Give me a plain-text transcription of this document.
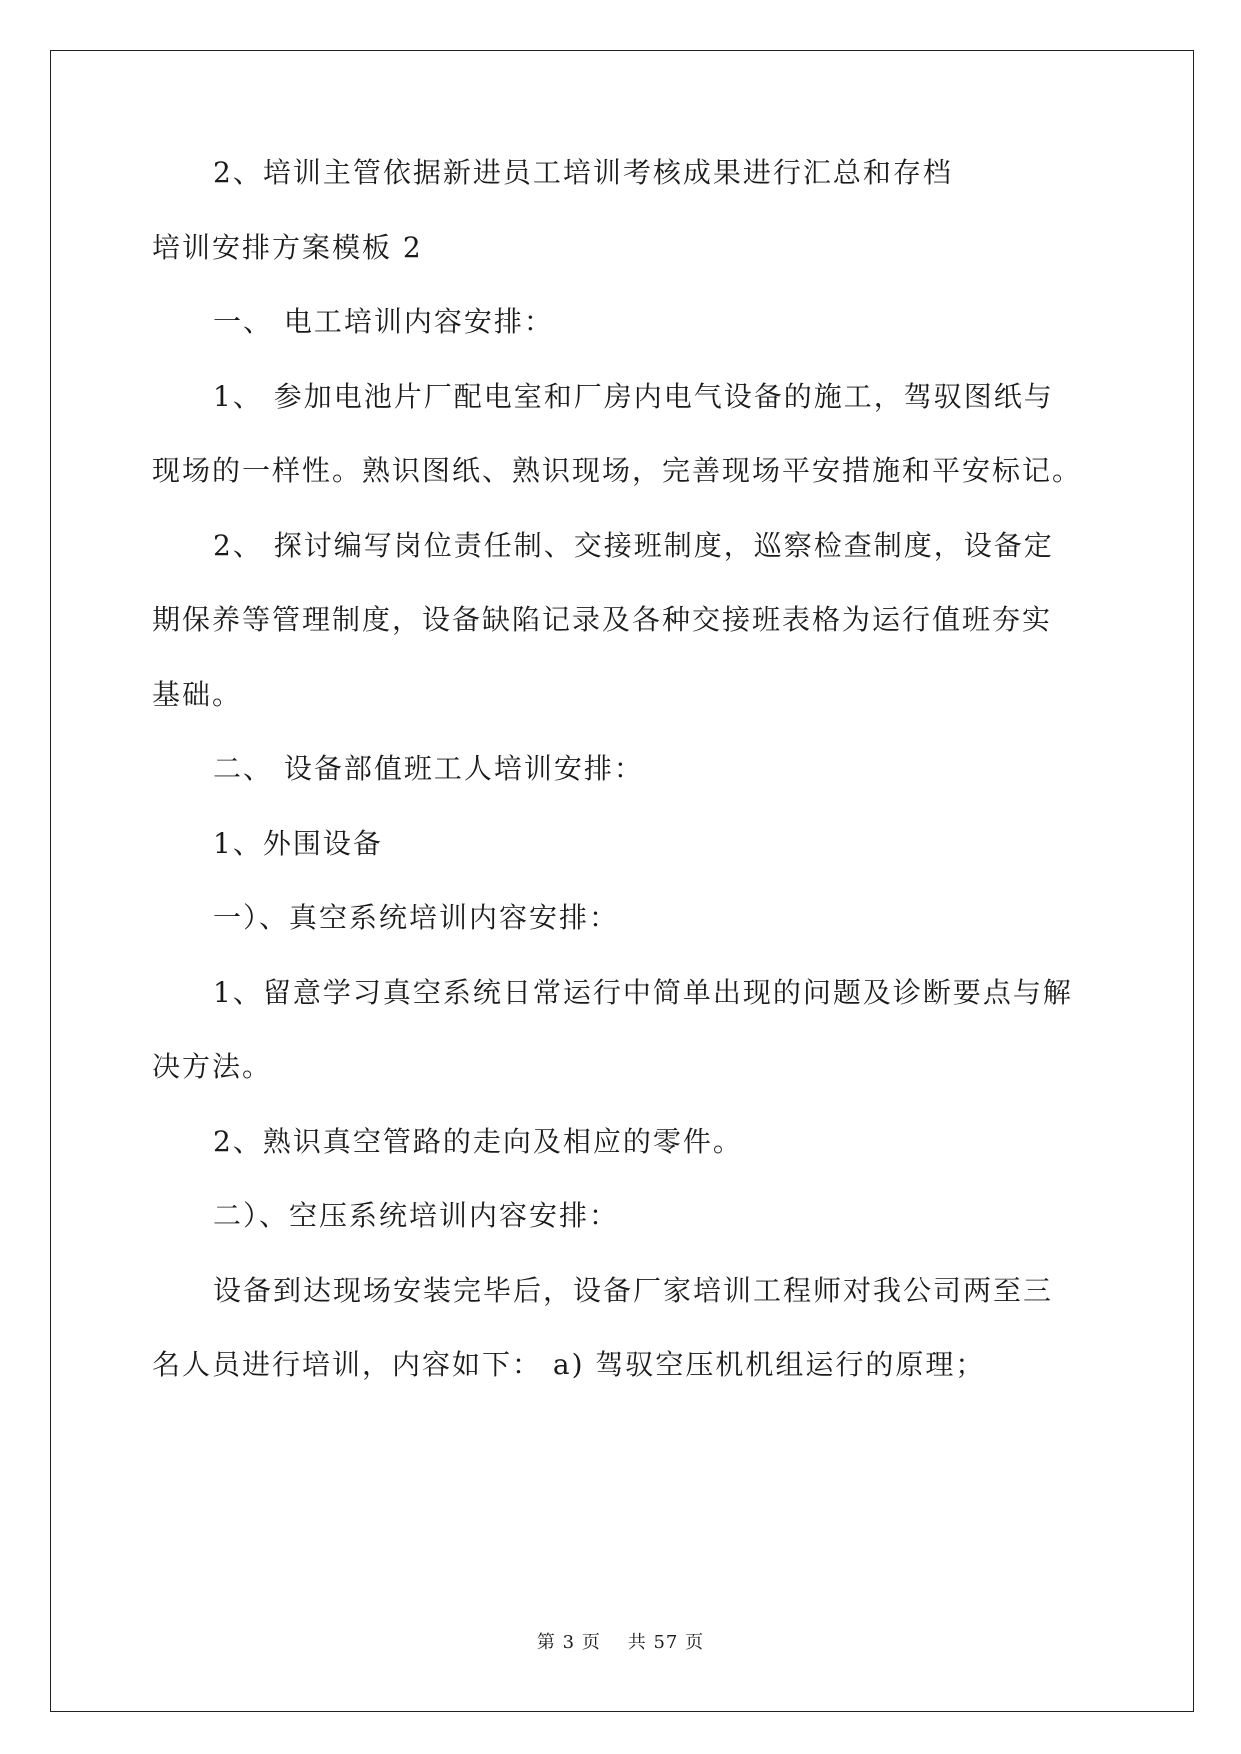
2、培训主管依据新进员工培训考核成果进行汇总和存档
培训安排方案模板 2
一、 电工培训内容安排：
1、 参加电池片厂配电室和厂房内电气设备的施工，驾驭图纸与
现场的一样性。熟识图纸、熟识现场，完善现场平安措施和平安标记。
2、 探讨编写岗位责任制、交接班制度，巡察检查制度，设备定
期保养等管理制度，设备缺陷记录及各种交接班表格为运行值班夯实
基础。
二、 设备部值班工人培训安排：
1、外围设备
一）、真空系统培训内容安排：
1、留意学习真空系统日常运行中简单出现的问题及诊断要点与解
决方法。
2、熟识真空管路的走向及相应的零件。
二）、空压系统培训内容安排：
设备到达现场安装完毕后，设备厂家培训工程师对我公司两至三
名人员进行培训，内容如下： a) 驾驭空压机机组运行的原理；
第 3 页 共 57 页
